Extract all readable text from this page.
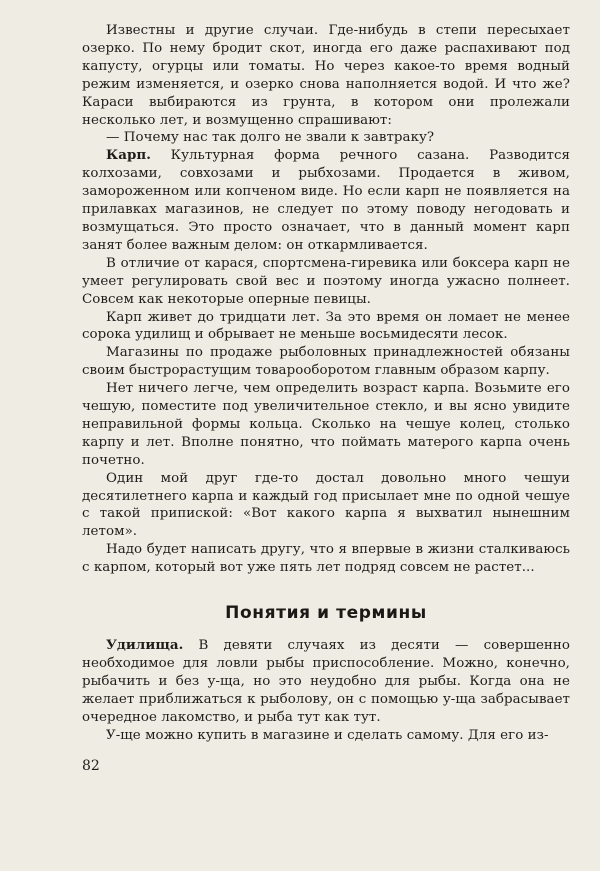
Известны и другие случаи. Где-нибудь в степи пересыхает озерко. По нему бродит скот, иногда его даже распахивают под капусту, огурцы или томаты. Но через какое-то время водный режим изменяется, и озерко снова наполняется водой. И что же? Караси выбираются из грунта, в котором они пролежали несколько лет, и возмущенно спрашивают:

— Почему нас так долго не звали к завтраку?

Карп. Культурная форма речного сазана. Разводится колхозами, совхозами и рыбхозами. Продается в живом, замороженном или копченом виде. Но если карп не появляется на прилавках магазинов, не следует по этому поводу негодовать и возмущаться. Это просто означает, что в данный момент карп занят более важным делом: он откармливается.

В отличие от карася, спортсмена-гиревика или боксера карп не умеет регулировать свой вес и поэтому иногда ужасно полнеет. Совсем как некоторые оперные певицы.

Карп живет до тридцати лет. За это время он ломает не менее сорока удилищ и обрывает не меньше восьмидесяти лесок.

Магазины по продаже рыболовных принадлежностей обязаны своим быстрорастущим товарооборотом главным образом карпу.

Нет ничего легче, чем определить возраст карпа. Возьмите его чешую, поместите под увеличительное стекло, и вы ясно увидите неправильной формы кольца. Сколько на чешуе колец, столько карпу и лет. Вполне понятно, что поймать матерого карпа очень почетно.

Один мой друг где-то достал довольно много чешуи десятилетнего карпа и каждый год присылает мне по одной чешуе с такой припиской: «Вот какого карпа я выхватил нынешним летом».

Надо будет написать другу, что я впервые в жизни сталкиваюсь с карпом, который вот уже пять лет подряд совсем не растет...

Понятия и термины

Удилища. В девяти случаях из десяти — совершенно необходимое для ловли рыбы приспособление. Можно, конечно, рыбачить и без у-ща, но это неудобно для рыбы. Когда она не желает приближаться к рыболову, он с помощью у-ща забрасывает очередное лакомство, и рыба тут как тут.

У-ще можно купить в магазине и сделать самому. Для его из-

82
